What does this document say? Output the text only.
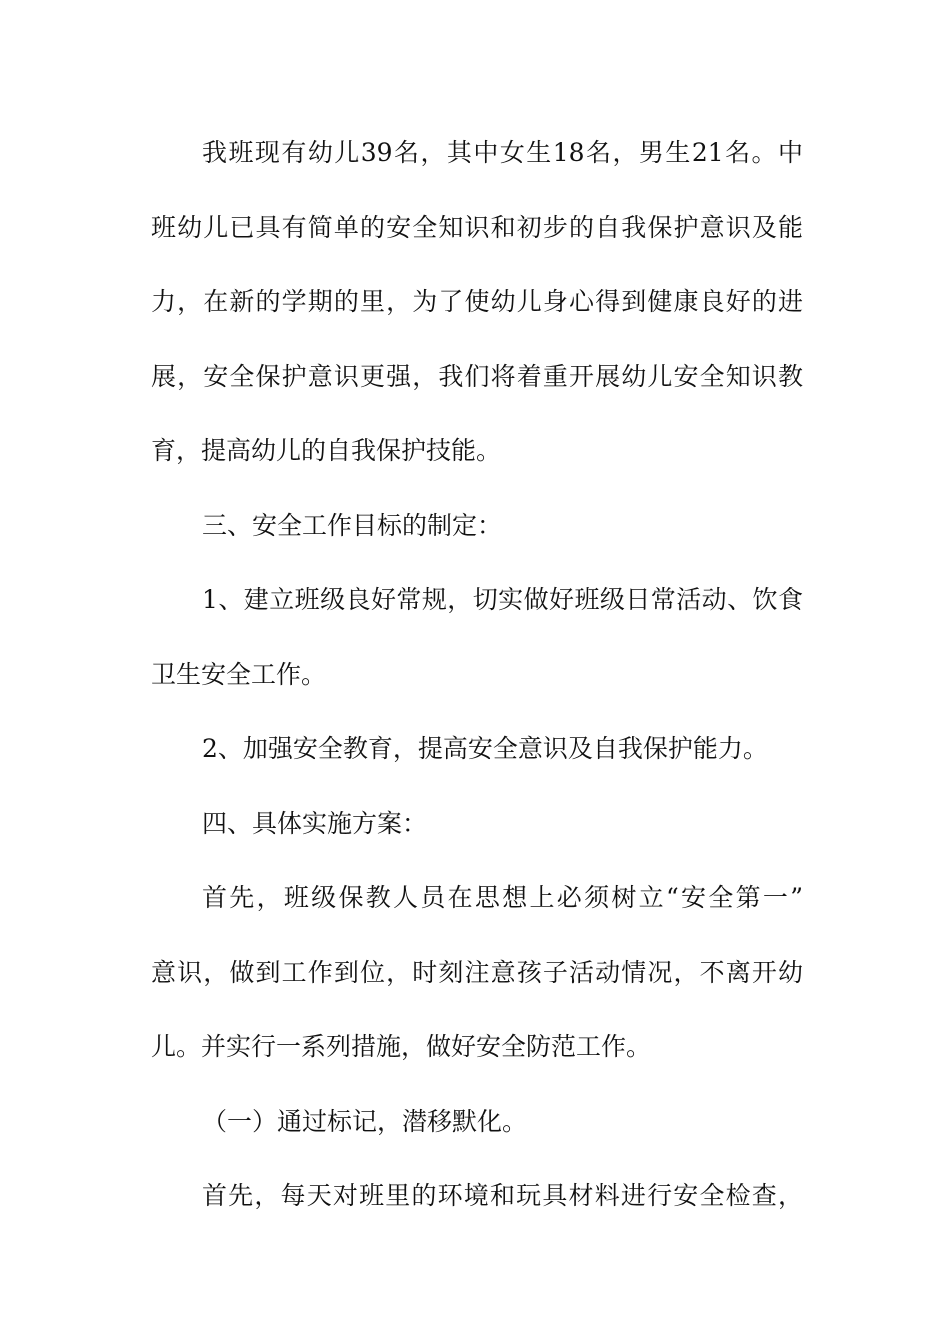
我班现有幼儿39名，其中女生18名，男生21名。中
班幼儿已具有简单的安全知识和初步的自我保护意识及能
力，在新的学期的里，为了使幼儿身心得到健康良好的进
展，安全保护意识更强，我们将着重开展幼儿安全知识教
育，提高幼儿的自我保护技能。
三、安全工作目标的制定：
1、建立班级良好常规，切实做好班级日常活动、饮食
卫生安全工作。
2、加强安全教育，提高安全意识及自我保护能力。
四、具体实施方案：
首先，班级保教人员在思想上必须树立“安全第一”
意识，做到工作到位，时刻注意孩子活动情况，不离开幼
儿。并实行一系列措施，做好安全防范工作。
（一）通过标记，潜移默化。
首先，每天对班里的环境和玩具材料进行安全检查，
